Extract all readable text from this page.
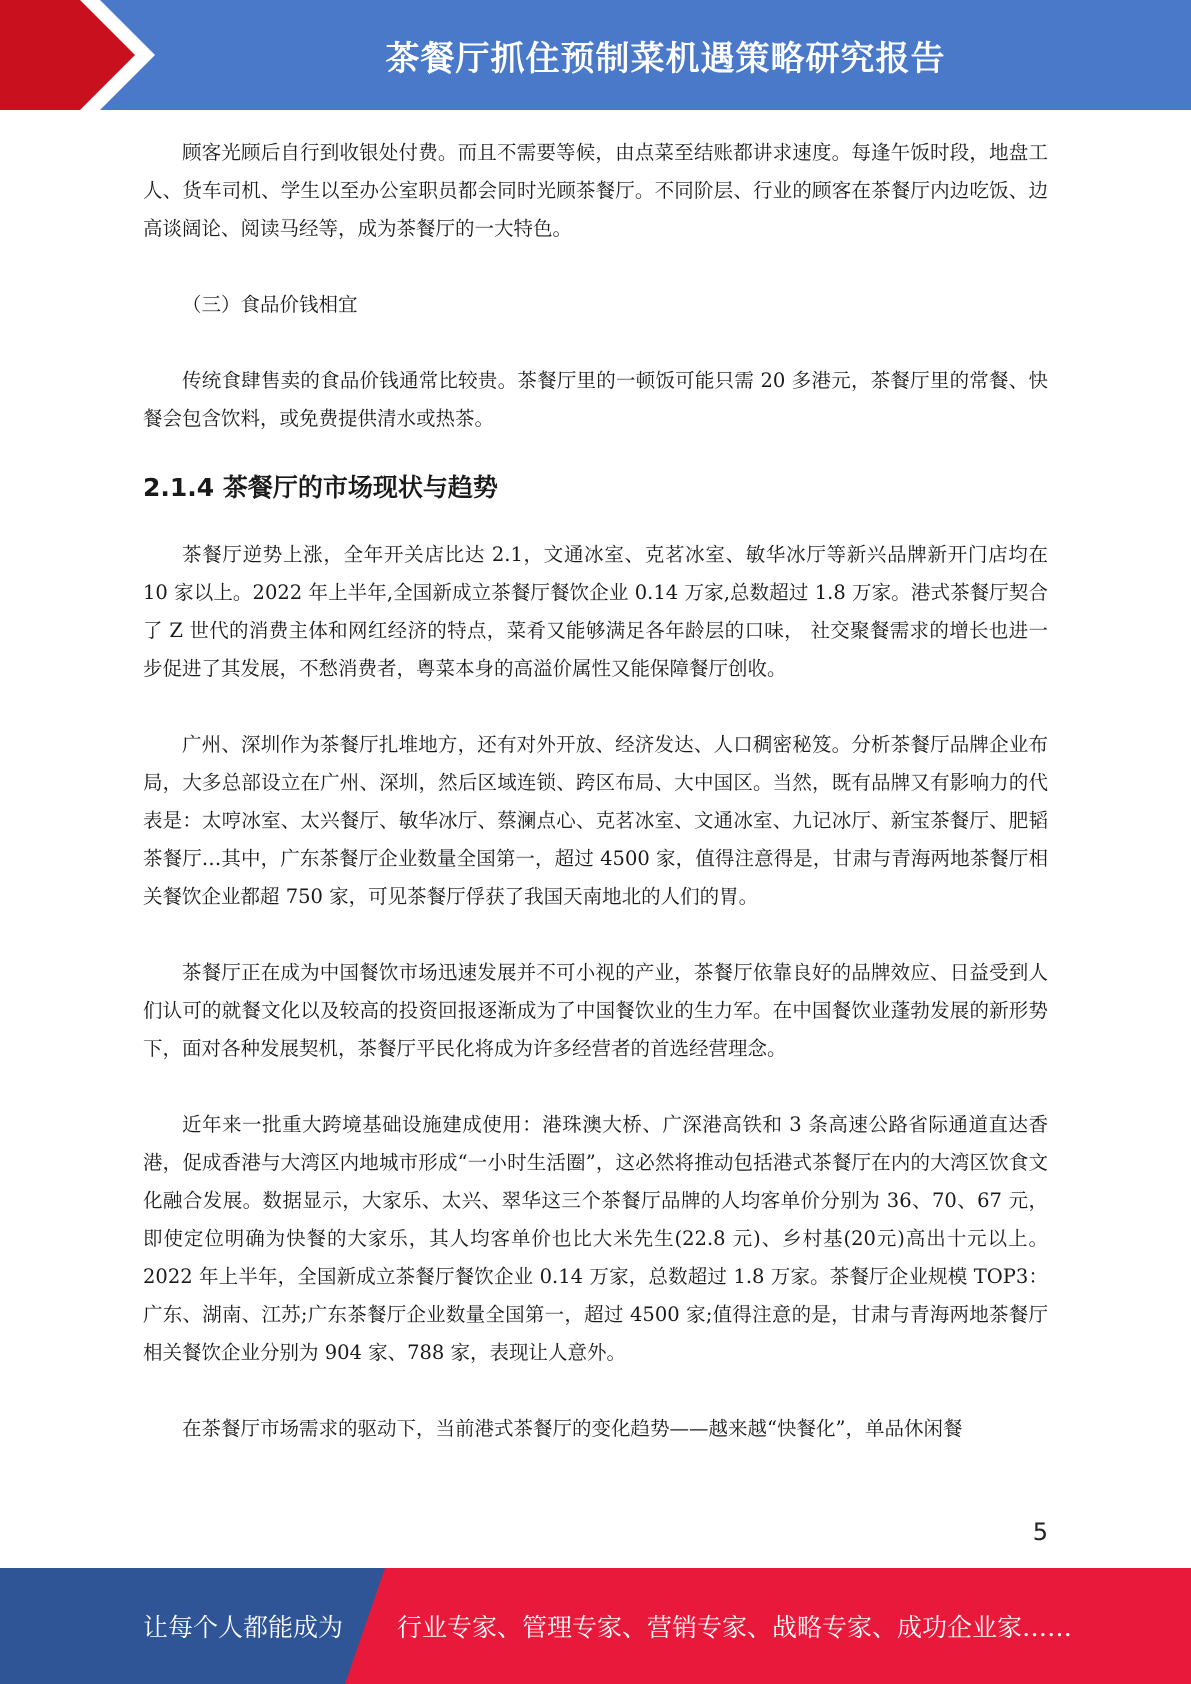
茶餐厅抓住预制菜机遇策略研究报告

顾客光顾后自行到收银处付费。而且不需要等候，由点菜至结账都讲求速度。每逢午饭时段，地盘工人、货车司机、学生以至办公室职员都会同时光顾茶餐厅。不同阶层、行业的顾客在茶餐厅内边吃饭、边高谈阔论、阅读马经等，成为茶餐厅的一大特色。

（三）食品价钱相宜

传统食肆售卖的食品价钱通常比较贵。茶餐厅里的一顿饭可能只需 20 多港元，茶餐厅里的常餐、快餐会包含饮料，或免费提供清水或热茶。

2.1.4 茶餐厅的市场现状与趋势

茶餐厅逆势上涨，全年开关店比达 2.1，文通冰室、克茗冰室、敏华冰厅等新兴品牌新开门店均在 10 家以上。2022 年上半年,全国新成立茶餐厅餐饮企业 0.14 万家,总数超过 1.8 万家。港式茶餐厅契合了 Z 世代的消费主体和网红经济的特点，菜肴又能够满足各年龄层的口味， 社交聚餐需求的增长也进一步促进了其发展，不愁消费者，粤菜本身的高溢价属性又能保障餐厅创收。

广州、深圳作为茶餐厅扎堆地方，还有对外开放、经济发达、人口稠密秘笈。分析茶餐厅品牌企业布局，大多总部设立在广州、深圳，然后区域连锁、跨区布局、大中国区。当然，既有品牌又有影响力的代表是：太哼冰室、太兴餐厅、敏华冰厅、蔡澜点心、克茗冰室、文通冰室、九记冰厅、新宝茶餐厅、肥韬茶餐厅…其中，广东茶餐厅企业数量全国第一，超过 4500 家，值得注意得是，甘肃与青海两地茶餐厅相关餐饮企业都超 750 家，可见茶餐厅俘获了我国天南地北的人们的胃。

茶餐厅正在成为中国餐饮市场迅速发展并不可小视的产业，茶餐厅依靠良好的品牌效应、日益受到人们认可的就餐文化以及较高的投资回报逐渐成为了中国餐饮业的生力军。在中国餐饮业蓬勃发展的新形势下，面对各种发展契机，茶餐厅平民化将成为许多经营者的首选经营理念。

近年来一批重大跨境基础设施建成使用：港珠澳大桥、广深港高铁和 3 条高速公路省际通道直达香港，促成香港与大湾区内地城市形成“一小时生活圈”，这必然将推动包括港式茶餐厅在内的大湾区饮食文化融合发展。数据显示，大家乐、太兴、翠华这三个茶餐厅品牌的人均客单价分别为 36、70、67 元，即使定位明确为快餐的大家乐，其人均客单价也比大米先生(22.8 元)、乡村基(20元)高出十元以上。2022 年上半年，全国新成立茶餐厅餐饮企业 0.14 万家，总数超过 1.8 万家。茶餐厅企业规模 TOP3：广东、湖南、江苏;广东茶餐厅企业数量全国第一，超过 4500 家;值得注意的是，甘肃与青海两地茶餐厅相关餐饮企业分别为 904 家、788 家，表现让人意外。

在茶餐厅市场需求的驱动下，当前港式茶餐厅的变化趋势——越来越“快餐化”，单品休闲餐

5
让每个人都能成为 行业专家、管理专家、营销专家、战略专家、成功企业家……
